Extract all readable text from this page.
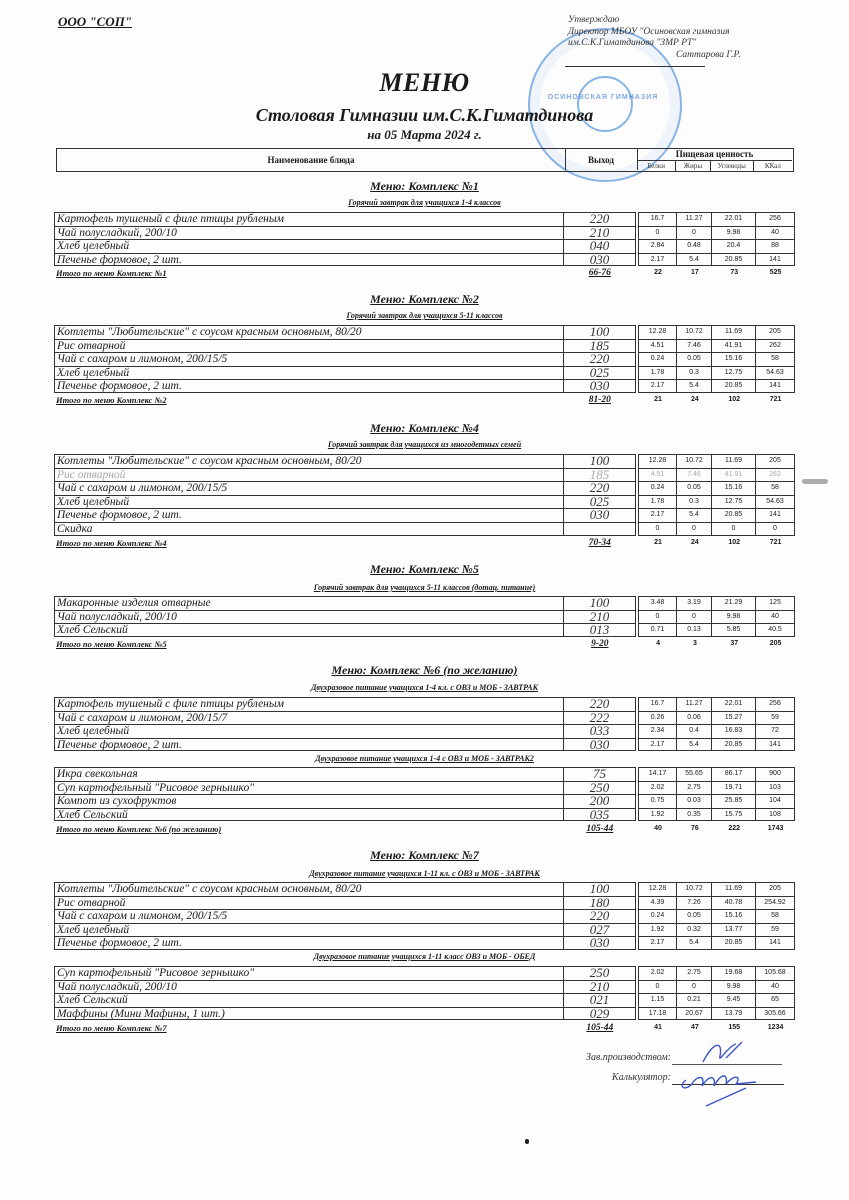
ООО "СОП"
ОСИНОВСКАЯ ГИМНАЗИЯ
Утверждаю
Директор МБОУ "Осиновская гимназия
им.С.К.Гиматдинова "ЗМР РТ"
Саттарова Г.Р.
МЕНЮ
Столовая Гимназии им.С.К.Гиматдинова
на 05 Марта 2024 г.
Наименование блюда	Выход
Пищевая ценность
Белки	Жиры	Углеводы	ККал
Меню: Комплекс №1
Горячий завтрак для учащихся 1-4 классов
Картофель тушеный с филе птицы рубленым	220	16.7	11.27	22.01	256
Чай полусладкий, 200/10	210	0	0	9.98	40
Хлеб целебный	040	2.84	0.48	20.4	88
Печенье формовое, 2 шт.	030	2.17	5.4	20.85	141
Итого по меню Комплекс №1	66-76	22	17	73	525
Меню: Комплекс №2
Горячий завтрак для учащихся 5-11 классов
Котлеты "Любительские" с соусом красным основным, 80/20	100	12.28	10.72	11.69	205
Рис отварной	185	4.51	7.46	41.91	262
Чай с сахаром и лимоном, 200/15/5	220	0.24	0.05	15.16	58
Хлеб целебный	025	1.78	0.3	12.75	54.63
Печенье формовое, 2 шт.	030	2.17	5.4	20.85	141
Итого по меню Комплекс №2	81-20	21	24	102	721
Меню: Комплекс №4
Горячий завтрак для учащихся из многодетных семей
Котлеты "Любительские" с соусом красным основным, 80/20	100	12.28	10.72	11.69	205
Рис отварной	185	4.51	7.46	41.91	262
Чай с сахаром и лимоном, 200/15/5	220	0.24	0.05	15.16	58
Хлеб целебный	025	1.78	0.3	12.75	54.63
Печенье формовое, 2 шт.	030	2.17	5.4	20.85	141
Скидка	0	0	0	0
Итого по меню Комплекс №4	70-34	21	24	102	721
Меню: Комплекс №5
Горячий завтрак для учащихся 5-11 классов (дотац. питание)
Макаронные изделия отварные	100	3.48	3.19	21.29	125
Чай полусладкий, 200/10	210	0	0	9.98	40
Хлеб Сельский	013	0.71	0.13	5.85	40.5
Итого по меню Комплекс №5	9-20	4	3	37	205
Меню: Комплекс №6 (по желанию)
Двухразовое питание учащихся 1-4 кл. с ОВЗ и МОБ - ЗАВТРАК
Картофель тушеный с филе птицы рубленым	220	16.7	11.27	22.01	256
Чай с сахаром и лимоном, 200/15/7	222	0.26	0.06	15.27	59
Хлеб целебный	033	2.34	0.4	16.83	72
Печенье формовое, 2 шт.	030	2.17	5.4	20.85	141
Двухразовое питание учащихся 1-4 с ОВЗ и МОБ - ЗАВТРАК2
Икра свекольная	75	14.17	55.65	86.17	900
Суп картофельный "Рисовое зернышко"	250	2.02	2.75	19.71	103
Компот из сухофруктов	200	0.75	0.03	25.85	104
Хлеб Сельский	035	1.92	0.35	15.75	108
Итого по меню Комплекс №6 (по желанию)	105-44	40	76	222	1743
Меню: Комплекс №7
Двухразовое питание учащихся 1-11 кл. с ОВЗ и МОБ - ЗАВТРАК
Котлеты "Любительские" с соусом красным основным, 80/20	100	12.28	10.72	11.69	205
Рис отварной	180	4.39	7.26	40.78	254.92
Чай с сахаром и лимоном, 200/15/5	220	0.24	0.05	15.16	58
Хлеб целебный	027	1.92	0.32	13.77	59
Печенье формовое, 2 шт.	030	2.17	5.4	20.85	141
Двухразовое питание учащихся 1-11 класс ОВЗ и МОБ - ОБЕД
Суп картофельный "Рисовое зернышко"	250	2.02	2.75	19.68	105.68
Чай полусладкий, 200/10	210	0	0	9.98	40
Хлеб Сельский	021	1.15	0.21	9.45	65
Маффины (Мини Мафины, 1 шт.)	029	17.18	20.67	13.79	305.66
Итого по меню Комплекс №7	105-44	41	47	155	1234
Зав.производством:
Калькулятор:
